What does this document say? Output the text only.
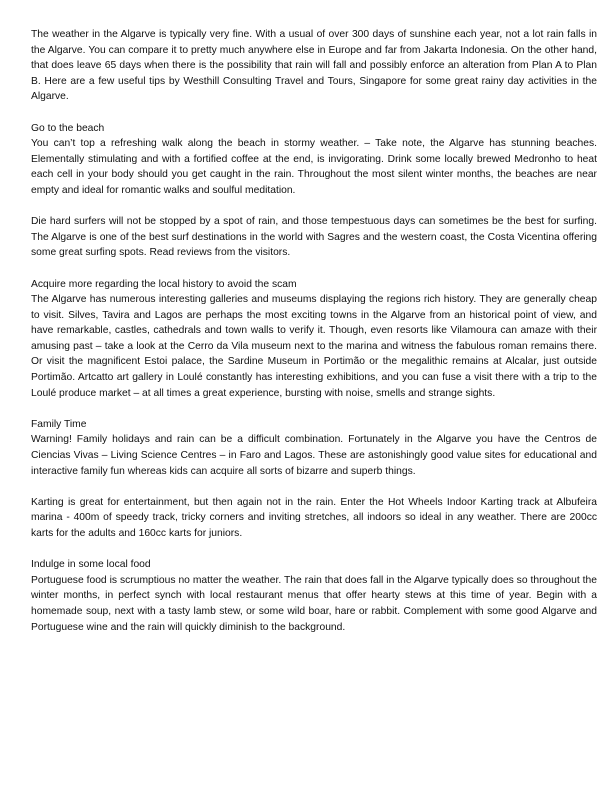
The weather in the Algarve is typically very fine. With a usual of over 300 days of sunshine each year, not a lot rain falls in the Algarve. You can compare it to pretty much anywhere else in Europe and far from Jakarta Indonesia. On the other hand, that does leave 65 days when there is the possibility that rain will fall and possibly enforce an alteration from Plan A to Plan B. Here are a few useful tips by Westhill Consulting Travel and Tours, Singapore for some great rainy day activities in the Algarve.

Go to the beach

You can’t top a refreshing walk along the beach in stormy weather. – Take note, the Algarve has stunning beaches. Elementally stimulating and with a fortified coffee at the end, is invigorating. Drink some locally brewed Medronho to heat each cell in your body should you get caught in the rain. Throughout the most silent winter months, the beaches are near empty and ideal for romantic walks and soulful meditation.

Die hard surfers will not be stopped by a spot of rain, and those tempestuous days can sometimes be the best for surfing. The Algarve is one of the best surf destinations in the world with Sagres and the western coast, the Costa Vicentina offering some great surfing spots. Read reviews from the visitors.

Acquire more regarding the local history to avoid the scam

The Algarve has numerous interesting galleries and museums displaying the regions rich history. They are generally cheap to visit. Silves, Tavira and Lagos are perhaps the most exciting towns in the Algarve from an historical point of view, and have remarkable, castles, cathedrals and town walls to verify it. Though, even resorts like Vilamoura can amaze with their amusing past – take a look at the Cerro da Vila museum next to the marina and witness the fabulous roman remains there. Or visit the magnificent Estoi palace, the Sardine Museum in Portimão or the megalithic remains at Alcalar, just outside Portimão. Artcatto art gallery in Loulé constantly has interesting exhibitions, and you can fuse a visit there with a trip to the Loulé produce market – at all times a great experience, bursting with noise, smells and strange sights.

Family Time

Warning! Family holidays and rain can be a difficult combination. Fortunately in the Algarve you have the Centros de Ciencias Vivas – Living Science Centres – in Faro and Lagos. These are astonishingly good value sites for educational and interactive family fun whereas kids can acquire all sorts of bizarre and superb things.

Karting is great for entertainment, but then again not in the rain. Enter the Hot Wheels Indoor Karting track at Albufeira marina - 400m of speedy track, tricky corners and inviting stretches, all indoors so ideal in any weather. There are 200cc karts for the adults and 160cc karts for juniors.

Indulge in some local food

Portuguese food is scrumptious no matter the weather. The rain that does fall in the Algarve typically does so throughout the winter months, in perfect synch with local restaurant menus that offer hearty stews at this time of year. Begin with a homemade soup, next with a tasty lamb stew, or some wild boar, hare or rabbit. Complement with some good Algarve and Portuguese wine and the rain will quickly diminish to the background.
